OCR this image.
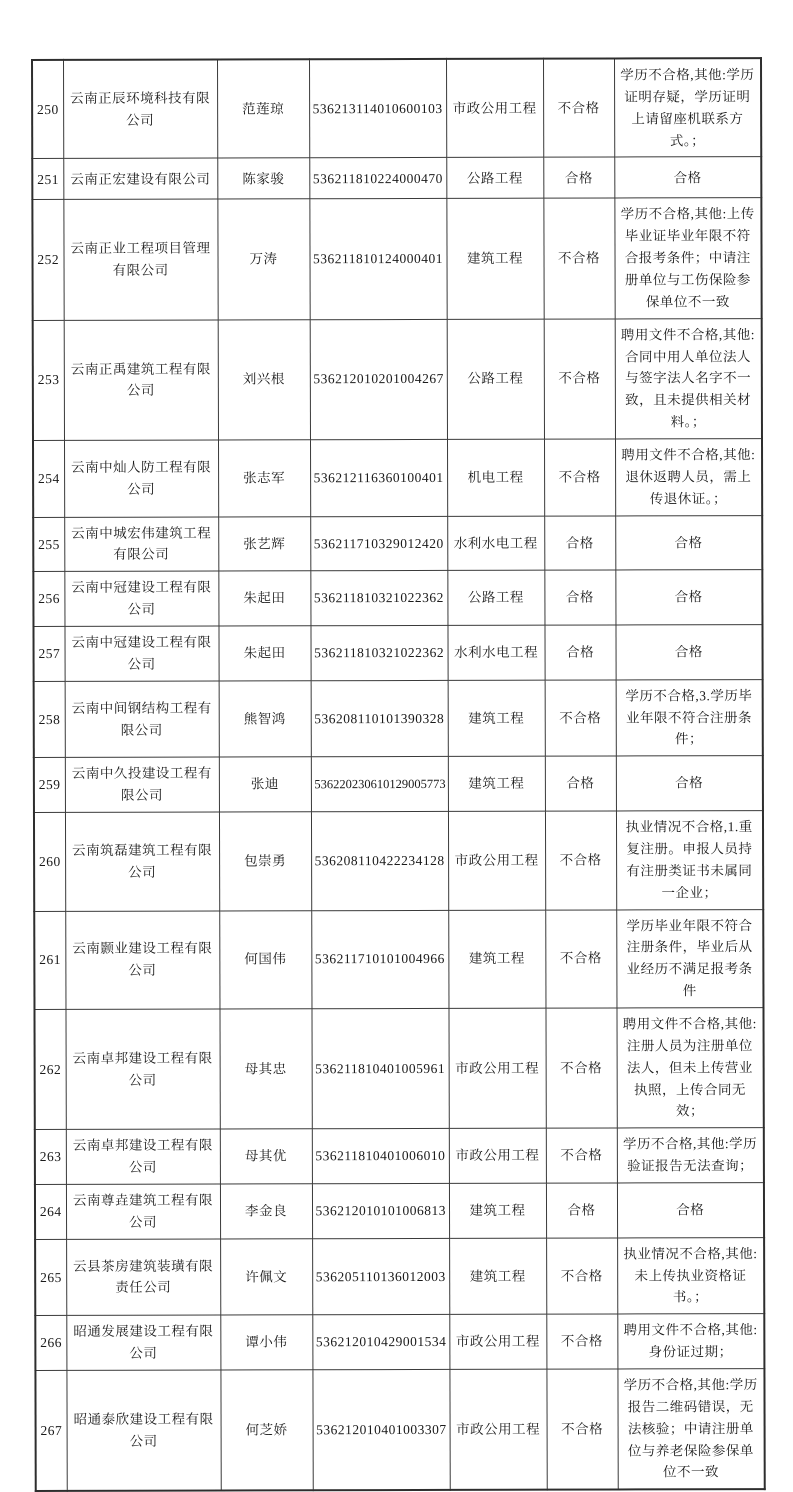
250	云南正辰环境科技有限公司	范莲琼	536213114010600103	市政公用工程	不合格	学历不合格,其他:学历证明存疑，学历证明上请留座机联系方式。；
251	云南正宏建设有限公司	陈家骏	536211810224000470	公路工程	合格	合格
252	云南正业工程项目管理有限公司	万涛	536211810124000401	建筑工程	不合格	学历不合格,其他:上传毕业证毕业年限不符合报考条件；中请注册单位与工伤保险参保单位不一致
253	云南正禹建筑工程有限公司	刘兴根	536212010201004267	公路工程	不合格	聘用文件不合格,其他:合同中用人单位法人与签字法人名字不一致，且未提供相关材料。；
254	云南中灿人防工程有限公司	张志军	536212116360100401	机电工程	不合格	聘用文件不合格,其他:退休返聘人员，需上传退休证。；
255	云南中城宏伟建筑工程有限公司	张艺辉	536211710329012420	水利水电工程	合格	合格
256	云南中冠建设工程有限公司	朱起田	536211810321022362	公路工程	合格	合格
257	云南中冠建设工程有限公司	朱起田	536211810321022362	水利水电工程	合格	合格
258	云南中间钢结构工程有限公司	熊智鸿	536208110101390328	建筑工程	不合格	学历不合格,3.学历毕业年限不符合注册条件；
259	云南中久投建设工程有限公司	张迪	536220230610129005773	建筑工程	合格	合格
260	云南筑磊建筑工程有限公司	包崇勇	536208110422234128	市政公用工程	不合格	执业情况不合格,1.重复注册。申报人员持有注册类证书未属同一企业；
261	云南颢业建设工程有限公司	何国伟	536211710101004966	建筑工程	不合格	学历毕业年限不符合注册条件，毕业后从业经历不满足报考条件
262	云南卓邦建设工程有限公司	母其忠	536211810401005961	市政公用工程	不合格	聘用文件不合格,其他:注册人员为注册单位法人，但未上传营业执照，上传合同无效；
263	云南卓邦建设工程有限公司	母其优	536211810401006010	市政公用工程	不合格	学历不合格,其他:学历验证报告无法查询；
264	云南尊垚建筑工程有限公司	李金良	536212010101006813	建筑工程	合格	合格
265	云县茶房建筑装璜有限责任公司	许佩文	536205110136012003	建筑工程	不合格	执业情况不合格,其他:未上传执业资格证书。；
266	昭通发展建设工程有限公司	谭小伟	536212010429001534	市政公用工程	不合格	聘用文件不合格,其他:身份证过期；
267	昭通泰欣建设工程有限公司	何芝娇	536212010401003307	市政公用工程	不合格	学历不合格,其他:学历报告二维码错误，无法核验；中请注册单位与养老保险参保单位不一致
